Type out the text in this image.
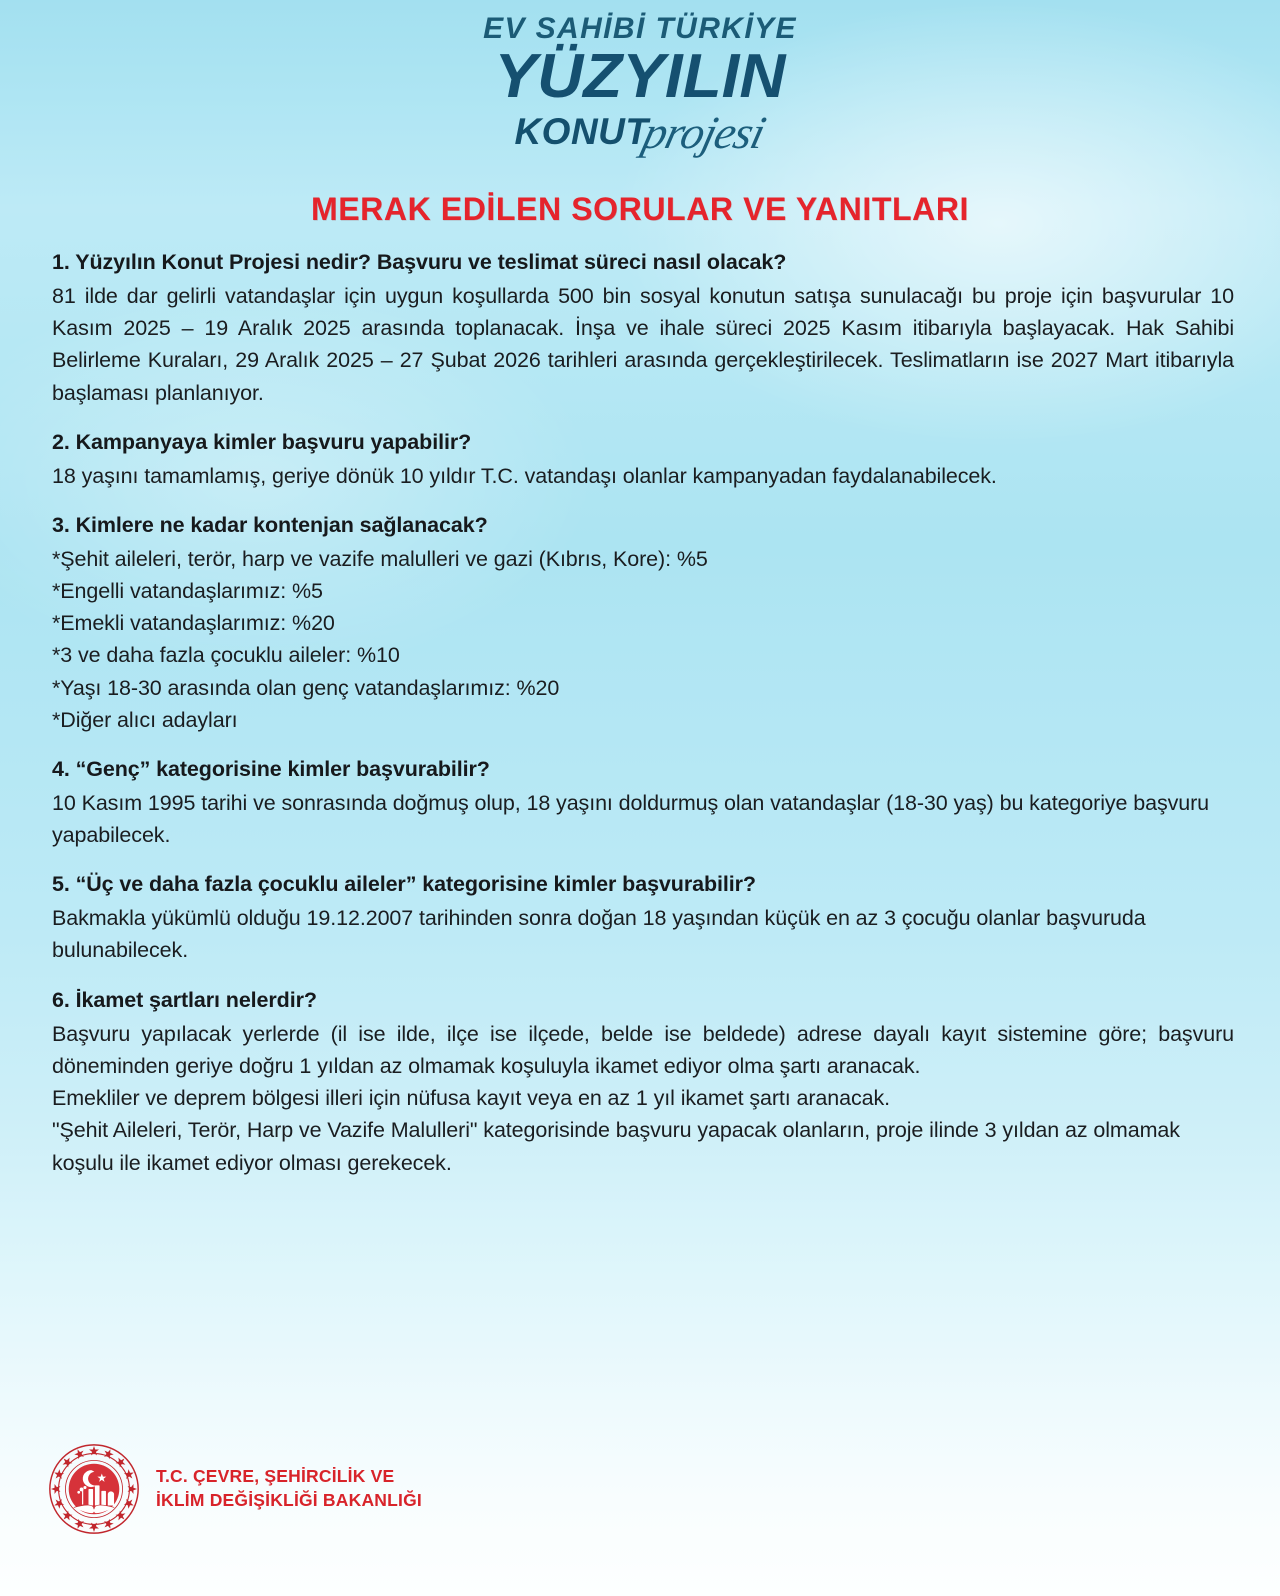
EV SAHİBİ TÜRKİYE
YÜZYILIN
KONUT
projesi
MERAK EDİLEN SORULAR VE YANITLARI

1. Yüzyılın Konut Projesi nedir? Başvuru ve teslimat süreci nasıl olacak?

81 ilde dar gelirli vatandaşlar için uygun koşullarda 500 bin sosyal konutun satışa sunulacağı bu proje için başvurular 10 Kasım 2025 – 19 Aralık 2025 arasında toplanacak. İnşa ve ihale süreci 2025 Kasım itibarıyla başlayacak. Hak Sahibi Belirleme Kuraları, 29 Aralık 2025 – 27 Şubat 2026 tarihleri arasında gerçekleştirilecek. Teslimatların ise 2027 Mart itibarıyla başlaması planlanıyor.

2. Kampanyaya kimler başvuru yapabilir?

18 yaşını tamamlamış, geriye dönük 10 yıldır T.C. vatandaşı olanlar kampanyadan faydalanabilecek.

3. Kimlere ne kadar kontenjan sağlanacak?

*Şehit aileleri, terör, harp ve vazife malulleri ve gazi (Kıbrıs, Kore): %5
*Engelli vatandaşlarımız: %5
*Emekli vatandaşlarımız: %20
*3 ve daha fazla çocuklu aileler: %10
*Yaşı 18-30 arasında olan genç vatandaşlarımız: %20
*Diğer alıcı adayları

4. “Genç” kategorisine kimler başvurabilir?

10 Kasım 1995 tarihi ve sonrasında doğmuş olup, 18 yaşını doldurmuş olan vatandaşlar (18-30 yaş) bu kategoriye başvuru yapabilecek.

5. “Üç ve daha fazla çocuklu aileler” kategorisine kimler başvurabilir?

Bakmakla yükümlü olduğu 19.12.2007 tarihinden sonra doğan 18 yaşından küçük en az 3 çocuğu olanlar başvuruda bulunabilecek.

6. İkamet şartları nelerdir?

Başvuru yapılacak yerlerde (il ise ilde, ilçe ise ilçede, belde ise beldede) adrese dayalı kayıt sistemine göre; başvuru döneminden geriye doğru 1 yıldan az olmamak koşuluyla ikamet ediyor olma şartı aranacak.

Emekliler ve deprem bölgesi illeri için nüfusa kayıt veya en az 1 yıl ikamet şartı aranacak.

"Şehit Aileleri, Terör, Harp ve Vazife Malulleri" kategorisinde başvuru yapacak olanların, proje ilinde 3 yıldan az olmamak koşulu ile ikamet ediyor olması gerekecek.

T.C. ÇEVRE, ŞEHİRCİLİK VE
İKLİM DEĞİŞİKLİĞİ BAKANLIĞI
